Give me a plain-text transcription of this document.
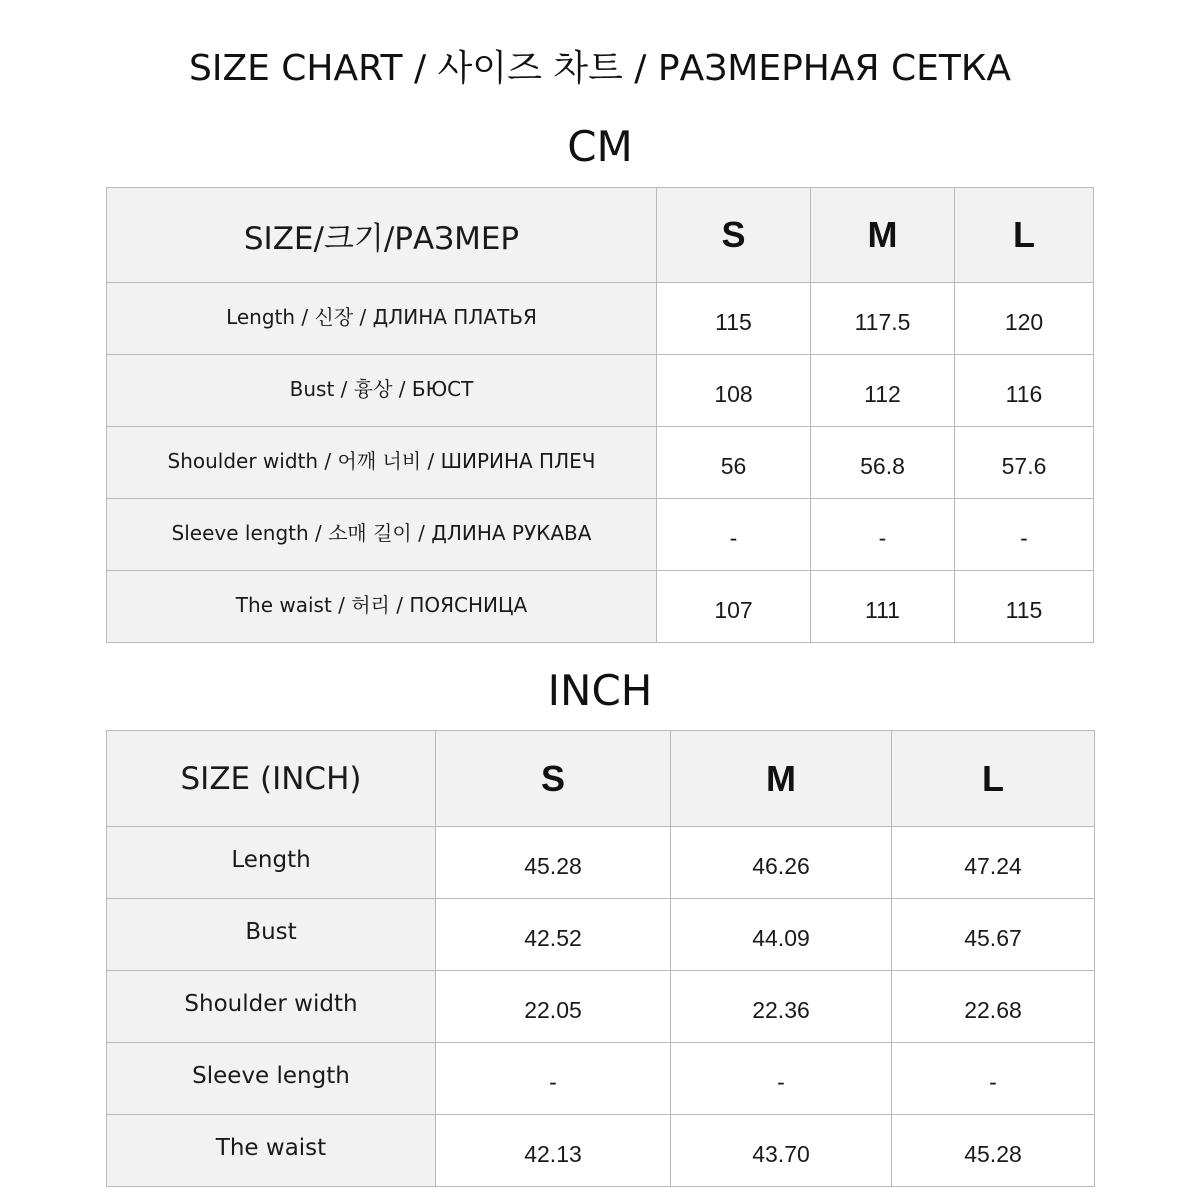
SIZE CHART / 사이즈 차트 / РАЗМЕРНАЯ СЕТКА
CM
SIZE/크기/РАЗМЕР	S	M	L
Length / 신장 / ДЛИНА ПЛАТЬЯ	115	117.5	120
Bust / 흉상 / БЮСТ	108	112	116
Shoulder width / 어깨 너비 / ШИРИНА ПЛЕЧ	56	56.8	57.6
Sleeve length / 소매 길이 / ДЛИНА РУКАВА	-	-	-
The waist / 허리 / ПОЯСНИЦА	107	111	115
INCH
SIZE (INCH)	S	M	L
Length	45.28	46.26	47.24
Bust	42.52	44.09	45.67
Shoulder width	22.05	22.36	22.68
Sleeve length	-	-	-
The waist	42.13	43.70	45.28
